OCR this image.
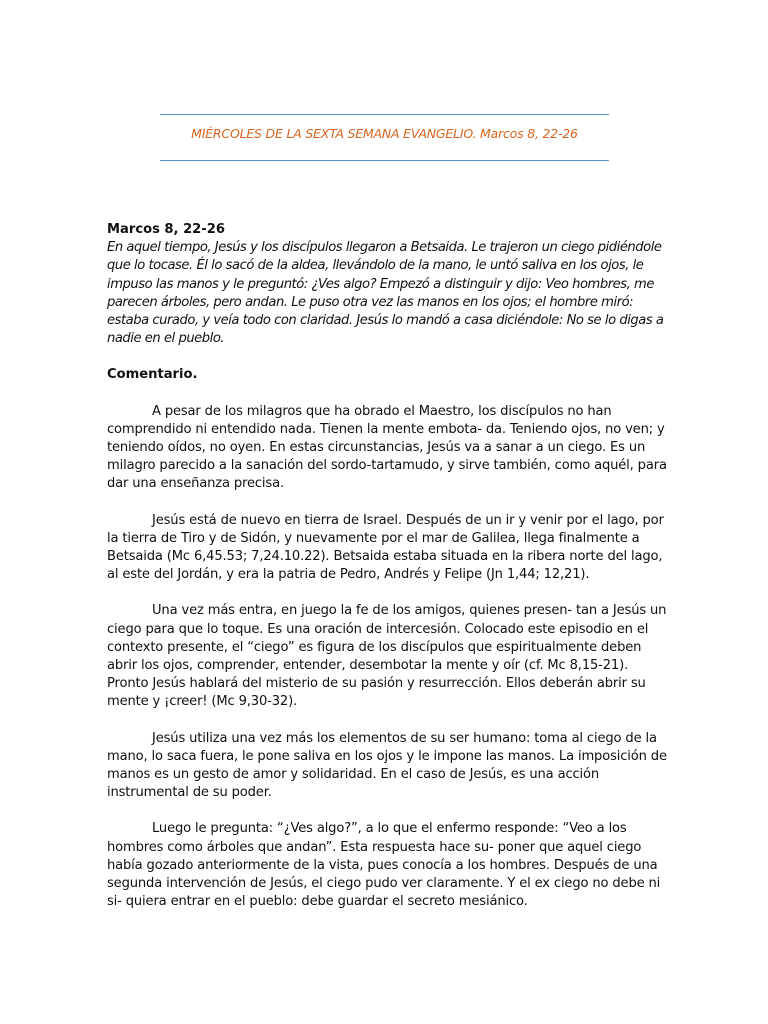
MIÉRCOLES DE LA SEXTA SEMANA EVANGELIO. Marcos 8, 22-26
Marcos 8, 22-26
En aquel tiempo, Jesús y los discípulos llegaron a Betsaida. Le trajeron un ciego pidiéndole que lo tocase. Él lo sacó de la aldea, llevándolo de la mano, le untó saliva en los ojos, le impuso las manos y le preguntó: ¿Ves algo? Empezó a distinguir y dijo: Veo hombres, me parecen árboles, pero andan. Le puso otra vez las manos en los ojos; el hombre miró: estaba curado, y veía todo con claridad. Jesús lo mandó a casa diciéndole: No se lo digas a nadie en el pueblo.
Comentario.

A pesar de los milagros que ha obrado el Maestro, los discípulos no han comprendido ni entendido nada. Tienen la mente embota- da. Teniendo ojos, no ven; y teniendo oídos, no oyen. En estas circunstancias, Jesús va a sanar a un ciego. Es un milagro parecido a la sanación del sordo-tartamudo, y sirve también, como aquél, para dar una enseñanza precisa.

Jesús está de nuevo en tierra de Israel. Después de un ir y venir por el lago, por la tierra de Tiro y de Sidón, y nuevamente por el mar de Galilea, llega finalmente a Betsaida (Mc 6,45.53; 7,24.10.22). Betsaida estaba situada en la ribera norte del lago, al este del Jordán, y era la patria de Pedro, Andrés y Felipe (Jn 1,44; 12,21).

Una vez más entra, en juego la fe de los amigos, quienes presen- tan a Jesús un ciego para que lo toque. Es una oración de intercesión. Colocado este episodio en el contexto presente, el “ciego” es figura de los discípulos que espiritualmente deben abrir los ojos, comprender, entender, desembotar la mente y oír (cf. Mc 8,15-21). Pronto Jesús hablará del misterio de su pasión y resurrección. Ellos deberán abrir su mente y ¡creer! (Mc 9,30-32).

Jesús utiliza una vez más los elementos de su ser humano: toma al ciego de la mano, lo saca fuera, le pone saliva en los ojos y le impone las manos. La imposición de manos es un gesto de amor y solidaridad. En el caso de Jesús, es una acción instrumental de su poder.

Luego le pregunta: “¿Ves algo?”, a lo que el enfermo responde: “Veo a los hombres como árboles que andan”. Esta respuesta hace su- poner que aquel ciego había gozado anteriormente de la vista, pues conocía a los hombres. Después de una segunda intervención de Jesús, el ciego pudo ver claramente. Y el ex ciego no debe ni si- quiera entrar en el pueblo: debe guardar el secreto mesiánico.
